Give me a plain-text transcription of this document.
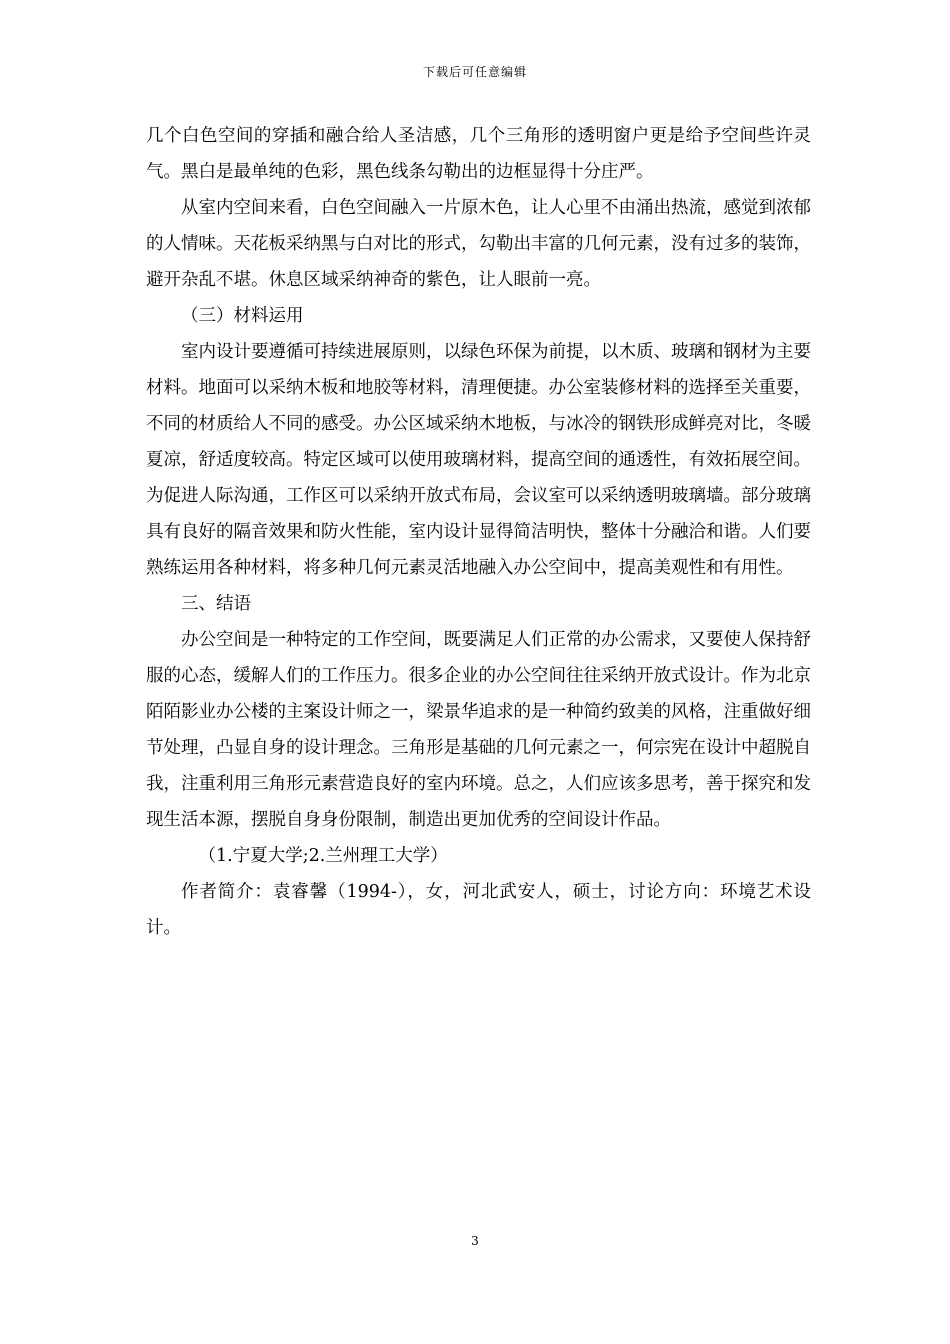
下载后可任意编辑

几个白色空间的穿插和融合给人圣洁感，几个三角形的透明窗户更是给予空间些许灵气。黑白是最单纯的色彩，黑色线条勾勒出的边框显得十分庄严。

从室内空间来看，白色空间融入一片原木色，让人心里不由涌出热流，感觉到浓郁的人情味。天花板采纳黑与白对比的形式，勾勒出丰富的几何元素，没有过多的装饰，避开杂乱不堪。休息区域采纳神奇的紫色，让人眼前一亮。

（三）材料运用

室内设计要遵循可持续进展原则，以绿色环保为前提，以木质、玻璃和钢材为主要材料。地面可以采纳木板和地胶等材料，清理便捷。办公室装修材料的选择至关重要，不同的材质给人不同的感受。办公区域采纳木地板，与冰冷的钢铁形成鲜亮对比，冬暖夏凉，舒适度较高。特定区域可以使用玻璃材料，提高空间的通透性，有效拓展空间。为促进人际沟通，工作区可以采纳开放式布局，会议室可以采纳透明玻璃墙。部分玻璃具有良好的隔音效果和防火性能，室内设计显得简洁明快，整体十分融洽和谐。人们要熟练运用各种材料，将多种几何元素灵活地融入办公空间中，提高美观性和有用性。

三、结语

办公空间是一种特定的工作空间，既要满足人们正常的办公需求，又要使人保持舒服的心态，缓解人们的工作压力。很多企业的办公空间往往采纳开放式设计。作为北京陌陌影业办公楼的主案设计师之一，梁景华追求的是一种简约致美的风格，注重做好细节处理，凸显自身的设计理念。三角形是基础的几何元素之一，何宗宪在设计中超脱自我，注重利用三角形元素营造良好的室内环境。总之，人们应该多思考，善于探究和发现生活本源，摆脱自身身份限制，制造出更加优秀的空间设计作品。

（1.宁夏大学;2.兰州理工大学）

作者简介：袁睿馨（1994-），女，河北武安人，硕士，讨论方向：环境艺术设计。

3
